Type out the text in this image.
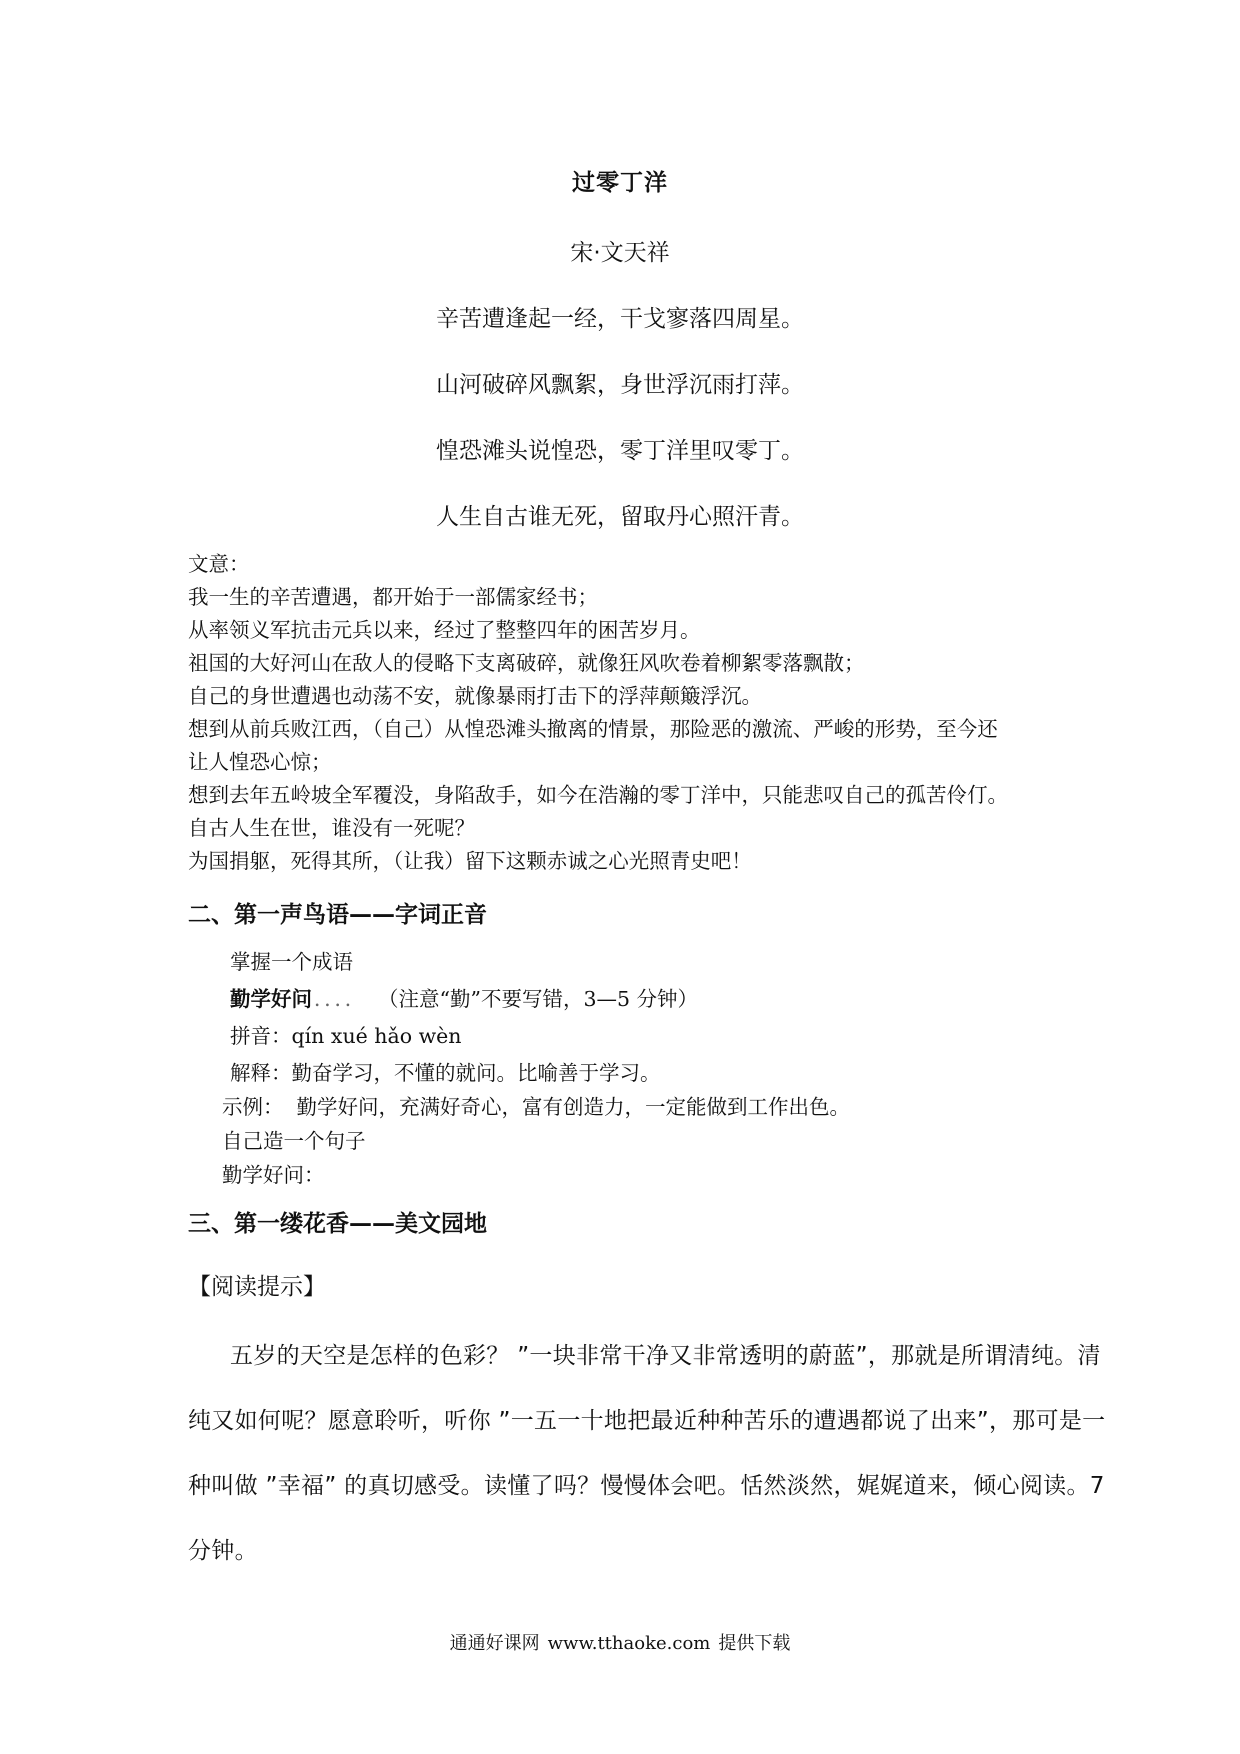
过零丁洋
宋·文天祥
辛苦遭逢起一经，干戈寥落四周星。
山河破碎风飘絮，身世浮沉雨打萍。
惶恐滩头说惶恐，零丁洋里叹零丁。
人生自古谁无死，留取丹心照汗青。
文意：
我一生的辛苦遭遇，都开始于一部儒家经书；
从率领义军抗击元兵以来，经过了整整四年的困苦岁月。
祖国的大好河山在敌人的侵略下支离破碎，就像狂风吹卷着柳絮零落飘散；
自己的身世遭遇也动荡不安，就像暴雨打击下的浮萍颠簸浮沉。
想到从前兵败江西，（自己）从惶恐滩头撤离的情景，那险恶的激流、严峻的形势，至今还
让人惶恐心惊；
想到去年五岭坡全军覆没，身陷敌手，如今在浩瀚的零丁洋中，只能悲叹自己的孤苦伶仃。
自古人生在世，谁没有一死呢？
为国捐躯，死得其所，（让我）留下这颗赤诚之心光照青史吧！
二、第一声鸟语——字词正音
掌握一个成语
勤学好问．．．． （注意“勤”不要写错，3—5 分钟）
拼音：qín xué hǎo wèn
解释：勤奋学习，不懂的就问。比喻善于学习。
示例：  勤学好问，充满好奇心，富有创造力，一定能做到工作出色。
自己造一个句子
勤学好问：
三、第一缕花香——美文园地
【阅读提示】
五岁的天空是怎样的色彩？ ”一块非常干净又非常透明的蔚蓝”，那就是所谓清纯。清
纯又如何呢？愿意聆听，听你 ”一五一十地把最近种种苦乐的遭遇都说了出来”，那可是一
种叫做 ”幸福” 的真切感受。读懂了吗？慢慢体会吧。恬然淡然，娓娓道来，倾心阅读。7
分钟。
通通好课网 www.tthaoke.com 提供下载
